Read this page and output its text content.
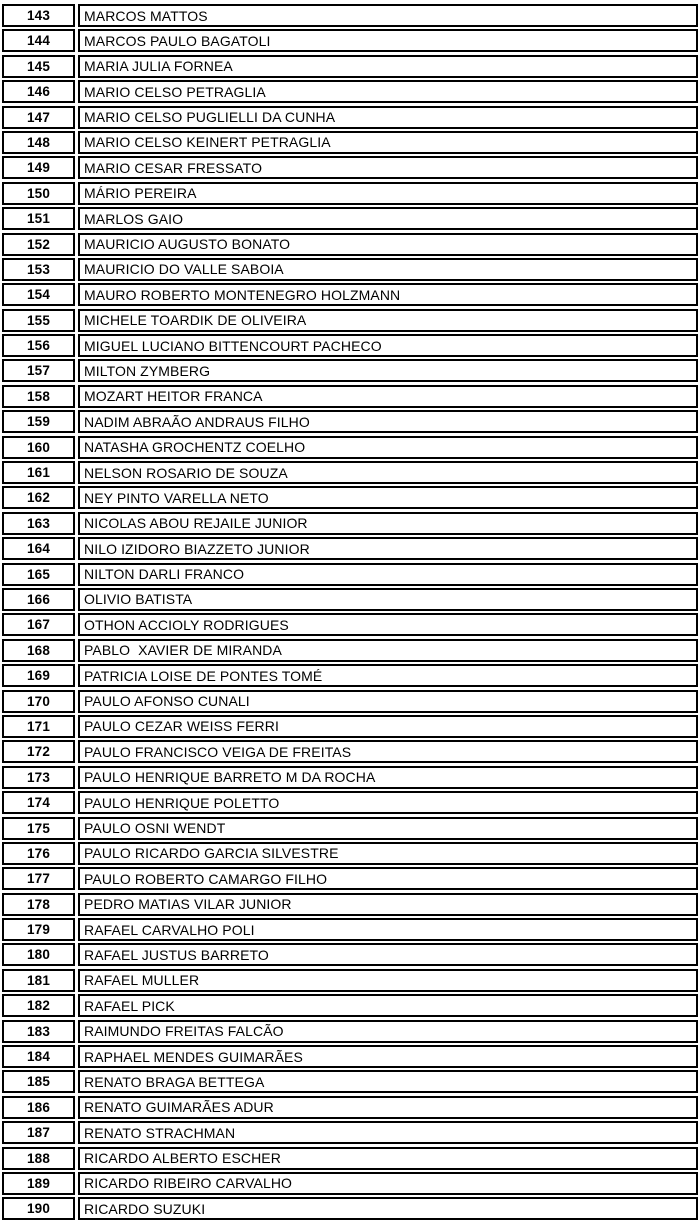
143	MARCOS MATTOS
144	MARCOS PAULO BAGATOLI
145	MARIA JULIA FORNEA
146	MARIO CELSO PETRAGLIA
147	MARIO CELSO PUGLIELLI DA CUNHA
148	MARIO CELSO KEINERT PETRAGLIA
149	MARIO CESAR FRESSATO
150	MÁRIO PEREIRA
151	MARLOS GAIO
152	MAURICIO AUGUSTO BONATO
153	MAURICIO DO VALLE SABOIA
154	MAURO ROBERTO MONTENEGRO HOLZMANN
155	MICHELE TOARDIK DE OLIVEIRA
156	MIGUEL LUCIANO BITTENCOURT PACHECO
157	MILTON ZYMBERG
158	MOZART HEITOR FRANCA
159	NADIM ABRAÃO ANDRAUS FILHO
160	NATASHA GROCHENTZ COELHO
161	NELSON ROSARIO DE SOUZA
162	NEY PINTO VARELLA NETO
163	NICOLAS ABOU REJAILE JUNIOR
164	NILO IZIDORO BIAZZETO JUNIOR
165	NILTON DARLI FRANCO
166	OLIVIO BATISTA
167	OTHON ACCIOLY RODRIGUES
168	PABLO  XAVIER DE MIRANDA
169	PATRICIA LOISE DE PONTES TOMÉ
170	PAULO AFONSO CUNALI
171	PAULO CEZAR WEISS FERRI
172	PAULO FRANCISCO VEIGA DE FREITAS
173	PAULO HENRIQUE BARRETO M DA ROCHA
174	PAULO HENRIQUE POLETTO
175	PAULO OSNI WENDT
176	PAULO RICARDO GARCIA SILVESTRE
177	PAULO ROBERTO CAMARGO FILHO
178	PEDRO MATIAS VILAR JUNIOR
179	RAFAEL CARVALHO POLI
180	RAFAEL JUSTUS BARRETO
181	RAFAEL MULLER
182	RAFAEL PICK
183	RAIMUNDO FREITAS FALCÃO
184	RAPHAEL MENDES GUIMARÃES
185	RENATO BRAGA BETTEGA
186	RENATO GUIMARÃES ADUR
187	RENATO STRACHMAN
188	RICARDO ALBERTO ESCHER
189	RICARDO RIBEIRO CARVALHO
190	RICARDO SUZUKI
